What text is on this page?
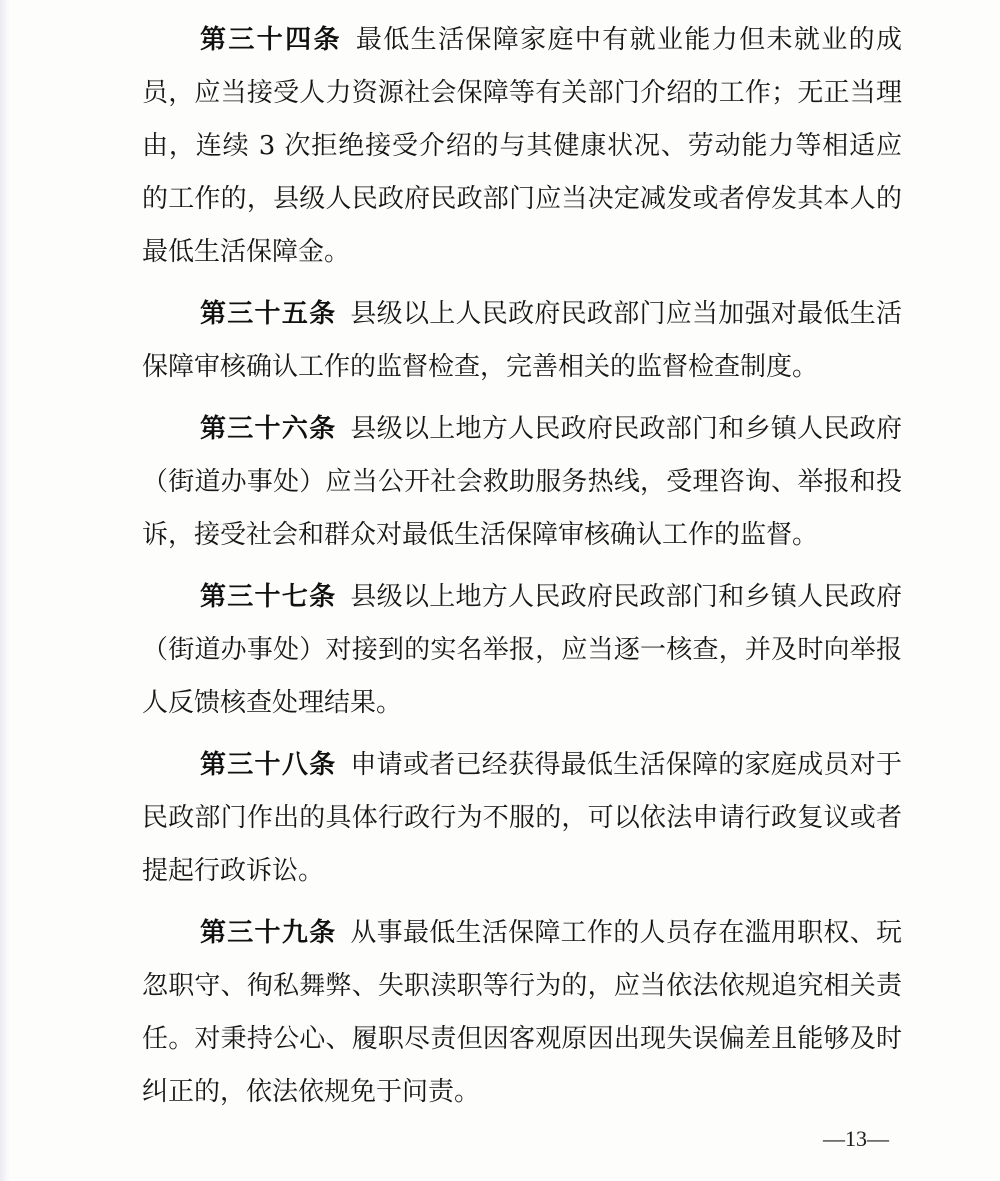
第三十四条 最低生活保障家庭中有就业能力但未就业的成员，应当接受人力资源社会保障等有关部门介绍的工作；无正当理由，连续 3 次拒绝接受介绍的与其健康状况、劳动能力等相适应的工作的，县级人民政府民政部门应当决定减发或者停发其本人的最低生活保障金。

第三十五条 县级以上人民政府民政部门应当加强对最低生活保障审核确认工作的监督检查，完善相关的监督检查制度。

第三十六条 县级以上地方人民政府民政部门和乡镇人民政府（街道办事处）应当公开社会救助服务热线，受理咨询、举报和投诉，接受社会和群众对最低生活保障审核确认工作的监督。

第三十七条 县级以上地方人民政府民政部门和乡镇人民政府（街道办事处）对接到的实名举报，应当逐一核查，并及时向举报人反馈核查处理结果。

第三十八条 申请或者已经获得最低生活保障的家庭成员对于民政部门作出的具体行政行为不服的，可以依法申请行政复议或者提起行政诉讼。

第三十九条 从事最低生活保障工作的人员存在滥用职权、玩忽职守、徇私舞弊、失职渎职等行为的，应当依法依规追究相关责任。对秉持公心、履职尽责但因客观原因出现失误偏差且能够及时纠正的，依法依规免于问责。

—13—
